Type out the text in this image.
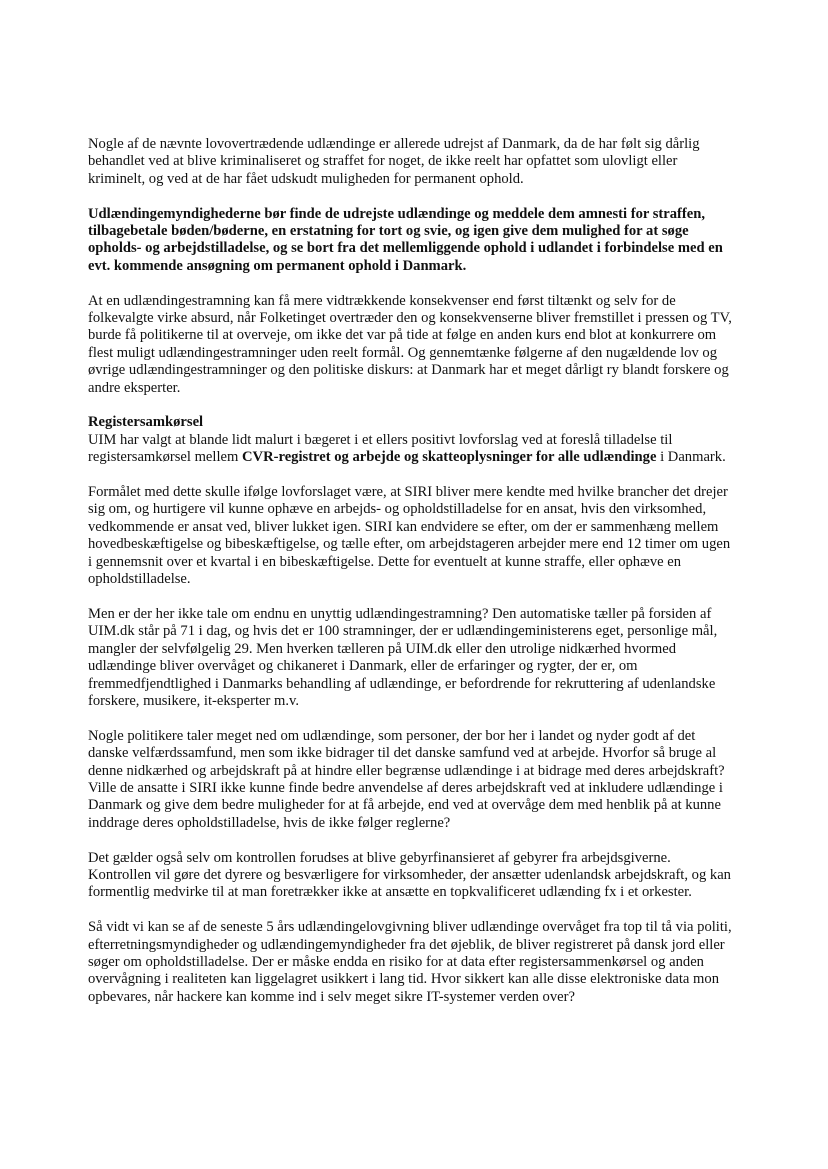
Nogle af de nævnte lovovertrædende udlændinge er allerede udrejst af Danmark, da de har følt sig dårlig behandlet ved at blive kriminaliseret og straffet for noget, de ikke reelt har opfattet som ulovligt eller kriminelt, og ved at de har fået udskudt muligheden for permanent ophold.

Udlændingemyndighederne bør finde de udrejste udlændinge og meddele dem amnesti for straffen, tilbagebetale bøden/bøderne, en erstatning for tort og svie, og igen give dem mulighed for at søge opholds- og arbejdstilladelse, og se bort fra det mellemliggende ophold i udlandet i forbindelse med en evt. kommende ansøgning om permanent ophold i Danmark.

At en udlændingestramning kan få mere vidtrækkende konsekvenser end først tiltænkt og selv for de folkevalgte virke absurd, når Folketinget overtræder den og konsekvenserne bliver fremstillet i pressen og TV, burde få politikerne til at overveje, om ikke det var på tide at følge en anden kurs end blot at konkurrere om flest muligt udlændingestramninger uden reelt formål. Og gennemtænke følgerne af den nugældende lov og øvrige udlændingestramninger og den politiske diskurs: at Danmark har et meget dårligt ry blandt forskere og andre eksperter.

Registersamkørsel
UIM har valgt at blande lidt malurt i bægeret i et ellers positivt lovforslag ved at foreslå tilladelse til registersamkørsel mellem CVR-registret og arbejde og skatteoplysninger for alle udlændinge i Danmark.

Formålet med dette skulle ifølge lovforslaget være, at SIRI bliver mere kendte med hvilke brancher det drejer sig om, og hurtigere vil kunne ophæve en arbejds- og opholdstilladelse for en ansat, hvis den virksomhed, vedkommende er ansat ved, bliver lukket igen. SIRI kan endvidere se efter, om der er sammenhæng mellem hovedbeskæftigelse og bibeskæftigelse, og tælle efter, om arbejdstageren arbejder mere end 12 timer om ugen i gennemsnit over et kvartal i en bibeskæftigelse. Dette for eventuelt at kunne straffe, eller ophæve en opholdstilladelse.

Men er der her ikke tale om endnu en unyttig udlændingestramning? Den automatiske tæller på forsiden af UIM.dk står på 71 i dag, og hvis det er 100 stramninger, der er udlændingeministerens eget, personlige mål, mangler der selvfølgelig 29. Men hverken tælleren på UIM.dk eller den utrolige nidkærhed hvormed udlændinge bliver overvåget og chikaneret i Danmark, eller de erfaringer og rygter, der er, om fremmedfjendtlighed i Danmarks behandling af udlændinge, er befordrende for rekruttering af udenlandske forskere, musikere, it-eksperter m.v.

Nogle politikere taler meget ned om udlændinge, som personer, der bor her i landet og nyder godt af det danske velfærdssamfund, men som ikke bidrager til det danske samfund ved at arbejde. Hvorfor så bruge al denne nidkærhed og arbejdskraft på at hindre eller begrænse udlændinge i at bidrage med deres arbejdskraft? Ville de ansatte i SIRI ikke kunne finde bedre anvendelse af deres arbejdskraft ved at inkludere udlændinge i Danmark og give dem bedre muligheder for at få arbejde, end ved at overvåge dem med henblik på at kunne inddrage deres opholdstilladelse, hvis de ikke følger reglerne?

Det gælder også selv om kontrollen forudses at blive gebyrfinansieret af gebyrer fra arbejdsgiverne. Kontrollen vil gøre det dyrere og besværligere for virksomheder, der ansætter udenlandsk arbejdskraft, og kan formentlig medvirke til at man foretrækker ikke at ansætte en topkvalificeret udlænding fx i et orkester.

Så vidt vi kan se af de seneste 5 års udlændingelovgivning bliver udlændinge overvåget fra top til tå via politi, efterretningsmyndigheder og udlændingemyndigheder fra det øjeblik, de bliver registreret på dansk jord eller søger om opholdstilladelse. Der er måske endda en risiko for at data efter registersammenkørsel og anden overvågning i realiteten kan liggelagret usikkert i lang tid. Hvor sikkert kan alle disse elektroniske data mon opbevares, når hackere kan komme ind i selv meget sikre IT-systemer verden over?
